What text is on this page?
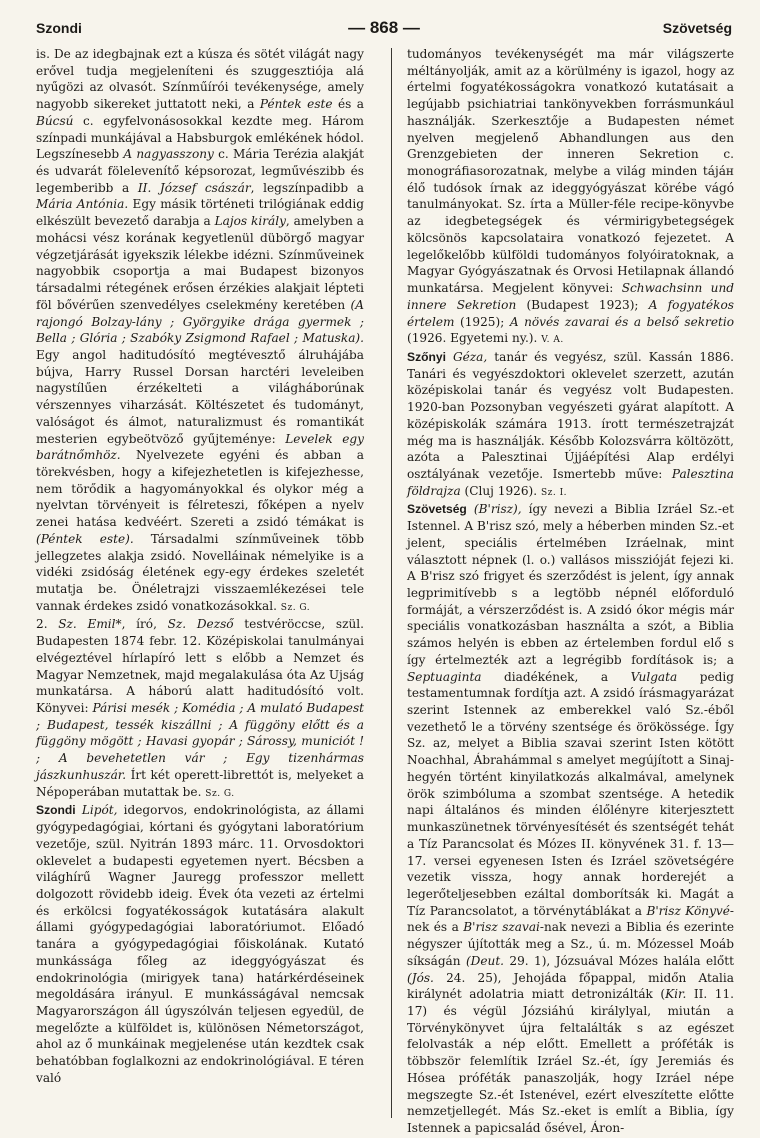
Szondi	— 868 —	Szövetség

is. De az idegbajnak ezt a kúsza és sötét világát nagy erővel tudja megjeleníteni és szuggesztiója alá nyűgözi az olvasót. Színműírói tevékenysége, amely nagyobb sikereket juttatott neki, a Péntek este és a Búcsú c. egyfelvonásosokkal kezdte meg. Három színpadi munkájával a Habsburgok emlékének hódol. Legszínesebb A nagyasszony c. Mária Terézia alakját és udvarát fölelevenítő képsorozat, legművészibb és legemberibb a II. József császár, legszínpadibb a Mária Antónia. Egy másik történeti trilógiának eddig elkészült bevezető darabja a Lajos király, amelyben a mohácsi vész korának kegyetlenül dübörgő magyar végzetjárását igyekszik lélekbe idézni. Színműveinek nagyobbik csoportja a mai Budapest bizonyos társadalmi rétegének erősen érzékies alakjait lépteti föl bővérűen szenvedélyes cselekmény keretében (A rajongó Bolzay-lány ; Györgyike drága gyermek ; Bella ; Glória ; Szabóky Zsigmond Rafael ; Matuska). Egy angol haditudósító megtévesztő álruhájába bújva, Harry Russel Dorsan harctéri leveleiben nagystílűen érzékelteti a világháborúnak vérszennyes viharzását. Költészetet és tudományt, valóságot és álmot, naturalizmust és romantikát mesterien egybeötvöző gyűjteménye: Levelek egy barátnőmhöz. Nyelvezete egyéni és abban a törekvésben, hogy a kifejezhetetlen is kifejezhesse, nem törődik a hagyományokkal és olykor még a nyelvtan törvényeit is félreteszi, főképen a nyelv zenei hatása kedvéért. Szereti a zsidó témákat is (Péntek este). Társadalmi színműveinek több jellegzetes alakja zsidó. Novelláinak némelyike is a vidéki zsidóság életének egy-egy érdekes szeletét mutatja be. Önéletrajzi visszaemlékezései tele vannak érdekes zsidó vonatkozásokkal. Sz. G.

2. Sz. Emil*, író, Sz. Dezső testvéröccse, szül. Budapesten 1874 febr. 12. Középiskolai tanulmányai elvégeztével hírlapíró lett s előbb a Nemzet és Magyar Nemzetnek, majd megalakulása óta Az Ujság munkatársa. A háború alatt haditudósító volt. Könyvei: Párisi mesék ; Komédia ; A mulató Budapest ; Budapest, tessék kiszállni ; A függöny előtt és a függöny mögött ; Havasi gyopár ; Sárossy, municiót ! ; A bevehetetlen vár ; Egy tizenhármas jászkunhuszár. Írt két operett-librettót is, melyeket a Népoperában mutattak be. Sz. G.

Szondi Lipót, idegorvos, endokrinológista, az állami gyógypedagógiai, kórtani és gyógytani laboratórium vezetője, szül. Nyitrán 1893 márc. 11. Orvosdoktori oklevelet a budapesti egyetemen nyert. Bécsben a világhírű Wagner Jauregg professzor mellett dolgozott rövidebb ideig. Évek óta vezeti az értelmi és erkölcsi fogyatékosságok kutatására alakult állami gyógypedagógiai laboratóriumot. Előadó tanára a gyógypedagógiai főiskolának. Kutató munkássága főleg az ideggyógyászat és endokrinológia (mirigyek tana) határkérdéseinek megoldására irányul. E munkásságával nemcsak Magyarországon áll úgyszólván teljesen egyedül, de megelőzte a külföldet is, különösen Németországot, ahol az ő munkáinak megjelenése után kezdtek csak behatóbban foglalkozni az endokrinológiával. E téren való

tudományos tevékenységét ma már világszerte méltányolják, amit az a körülmény is igazol, hogy az értelmi fogyatékosságokra vonatkozó kutatásait a legújabb psichiatriai tankönyvekben forrásmunkául használják. Szerkesztője a Budapesten német nyelven megjelenő Abhandlungen aus den Grenzgebieten der inneren Sekretion c. monográfiasorozatnak, melybe a világ minden tájáн élő tudósok írnak az ideggyógyászat körébe vágó tanulmányokat. Sz. írta a Müller-féle recipe-könyvbe az idegbetegségek és vérmirigybetegségek kölcsönös kapcsolataira vonatkozó fejezetet. A legelőkelőbb külföldi tudományos folyóiratoknak, a Magyar Gyógyászatnak és Orvosi Hetilapnak állandó munkatársa. Megjelent könyvei: Schwachsinn und innere Sekretion (Budapest 1923); A fogyatékos értelem (1925); A növés zavarai és a belső sekretio (1926. Egyetemi ny.). V. A.

Szőnyi Géza, tanár és vegyész, szül. Kassán 1886. Tanári és vegyészdoktori oklevelet szerzett, azután középiskolai tanár és vegyész volt Budapesten. 1920-ban Pozsonyban vegyészeti gyárat alapított. A középiskolák számára 1913. írott természetrajzát még ma is használják. Később Kolozsvárra költözött, azóta a Palesztinai Újjáépítési Alap erdélyi osztályának vezetője. Ismertebb műve: Palesztina földrajza (Cluj 1926). Sz. I.

Szövetség (B'risz), így nevezi a Biblia Izráel Sz.-et Istennel. A B'risz szó, mely a héberben minden Sz.-et jelent, speciális értelmében Izráelnak, mint választott népnek (l. o.) vallásos misszióját fejezi ki. A B'risz szó frigyet és szerződést is jelent, így annak legprimitívebb s a legtöbb népnél előforduló formáját, a vérszerződést is. A zsidó ókor mégis már speciális vonatkozásban használta a szót, a Biblia számos helyén is ebben az értelemben fordul elő s így értelmezték azt a legrégibb fordítások is; a Septuaginta diadékének, a Vulgata pedig testamentumnak fordítja azt. A zsidó írásmagyarázat szerint Istennek az emberekkel való Sz.-éből vezethető le a törvény szentsége és örökössége. Így Sz. az, melyet a Biblia szavai szerint Isten kötött Noachhal, Ábrahámmal s amelyet megújított a Sinaj-hegyén történt kinyilatkozás alkalmával, amelynek örök szimbóluma a szombat szentsége. A hetedik napi általános és minden élőlényre kiterjesztett munkaszünetnek törvényesítését és szentségét tehát a Tíz Parancsolat és Mózes II. könyvének 31. f. 13—17. versei egyenesen Isten és Izráel szövetségére vezetik vissza, hogy annak horderejét a legerőteljesebben ezáltal domborítsák ki. Magát a Tíz Parancsolatot, a törvénytáblákat a B'risz Könyvé-nek és a B'risz szavai-nak nevezi a Biblia és ezerinte négyszer újították meg a Sz., ú. m. Mózessel Moáb síkságán (Deut. 29. 1), Józsuával Mózes halála előtt (Jós. 24. 25), Jehojáda főpappal, midőn Atalia királynét adolatria miatt detronizálták (Kir. II. 11. 17) és végül Józsiáhú királylyal, miután a Törvénykönyvet újra feltalálták s az egészet felolvasták a nép előtt. Emellett a próféták is többször felemlítik Izráel Sz.-ét, így Jeremiás és Hósea próféták panaszolják, hogy Izráel népe megszegte Sz.-ét Istenével, ezért elveszítette előtte nemzetjellegét. Más Sz.-eket is említ a Biblia, így Istennek a papicsalád ősével, Áron-
